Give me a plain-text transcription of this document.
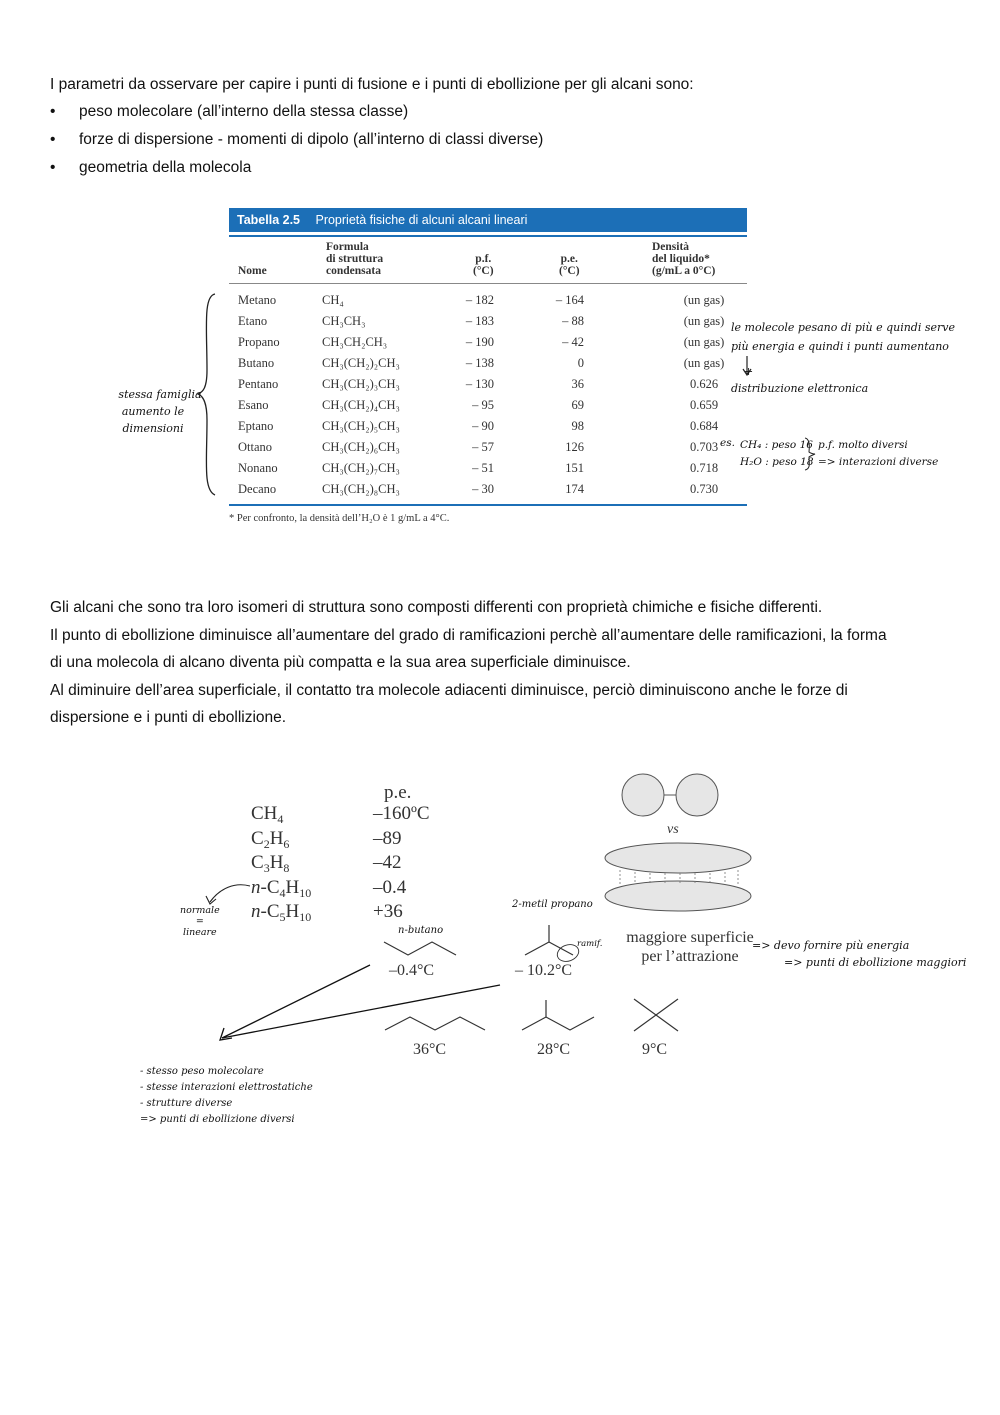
I parametri da osservare per capire i punti di fusione e i punti di ebollizione per gli alcani sono:
• peso molecolare (all’interno della stessa classe)
• forze di dispersione - momenti di dipolo (all’interno di classi diverse)
• geometria della molecola
Tabella 2.5 Proprietà fisiche di alcuni alcani lineari
Nome
Formula
di struttura
condensata
p.f.
(°C)
p.e.
(°C)
Densità
del liquido*
(g/mL a 0°C)
Metano	CH₄	– 182	– 164	(un gas)
Etano	CH₃CH₃	– 183	– 88	(un gas)
Propano	CH₃CH₂CH₃	– 190	– 42	(un gas)
Butano	CH₃(CH₂)₂CH₃	– 138	0	(un gas)
Pentano	CH₃(CH₂)₃CH₃	– 130	36	0.626
Esano	CH₃(CH₂)₄CH₃	– 95	69	0.659
Eptano	CH₃(CH₂)₅CH₃	– 90	98	0.684
Ottano	CH₃(CH₂)₆CH₃	– 57	126	0.703
Nonano	CH₃(CH₂)₇CH₃	– 51	151	0.718
Decano	CH₃(CH₂)₈CH₃	– 30	174	0.730
* Per confronto, la densità dell’H₂O è 1 g/mL a 4°C.
stessa famiglia
aumento le dimensioni
le molecole pesano di più e quindi serve
più energia e quindi i punti aumentano
+
distribuzione elettronica
es. CH₄ : peso 16
H₂O : peso 18
p.f. molto diversi
=> interazioni diverse
Gli alcani che sono tra loro isomeri di struttura sono composti differenti con proprietà chimiche e fisiche differenti.
Il punto di ebollizione diminuisce all’aumentare del grado di ramificazioni perchè all’aumentare delle ramificazioni, la forma
di una molecola di alcano diventa più compatta e la sua area superficiale diminuisce.
Al diminuire dell’area superficiale, il contatto tra molecole adiacenti diminuisce, perciò diminuiscono anche le forze di
dispersione e i punti di ebollizione.
p.e.
$CH_4$	–160ºC
$C_2H_6$	–89
$C_3H_8$	–42
$n-C_4H_{10}$	–0.4
$n-C_5H_{10}$	+36
normale
=
lineare	n-butano
2-metil propano
ramif.
–0.4°C	– 10.2°C
36°C	28°C	9°C
vs
maggiore superficie
per l’attrazione
=> devo fornire più energia
=> punti di ebollizione maggiori
- stesso peso molecolare
- stesse interazioni elettrostatiche
- strutture diverse
=> punti di ebollizione diversi
